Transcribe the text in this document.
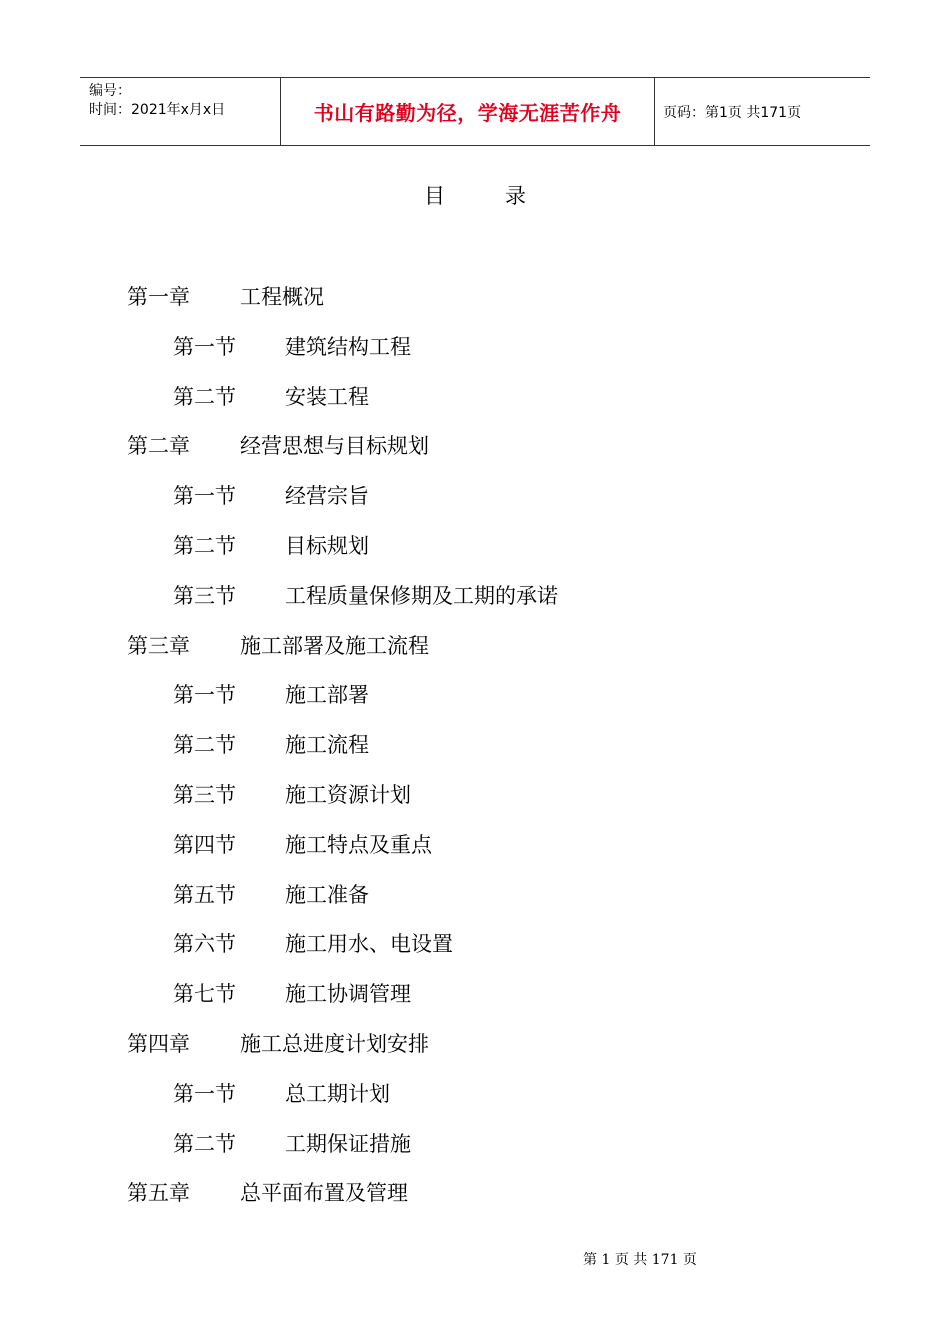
编号：
时间：2021年x月x日	书山有路勤为径，学海无涯苦作舟	页码：第1页 共171页
目录
第一章 工程概况
第一节 建筑结构工程
第二节 安装工程
第二章 经营思想与目标规划
第一节 经营宗旨
第二节 目标规划
第三节 工程质量保修期及工期的承诺
第三章 施工部署及施工流程
第一节 施工部署
第二节 施工流程
第三节 施工资源计划
第四节 施工特点及重点
第五节 施工准备
第六节 施工用水、电设置
第七节 施工协调管理
第四章 施工总进度计划安排
第一节 总工期计划
第二节 工期保证措施
第五章 总平面布置及管理
第 1 页 共 171 页
